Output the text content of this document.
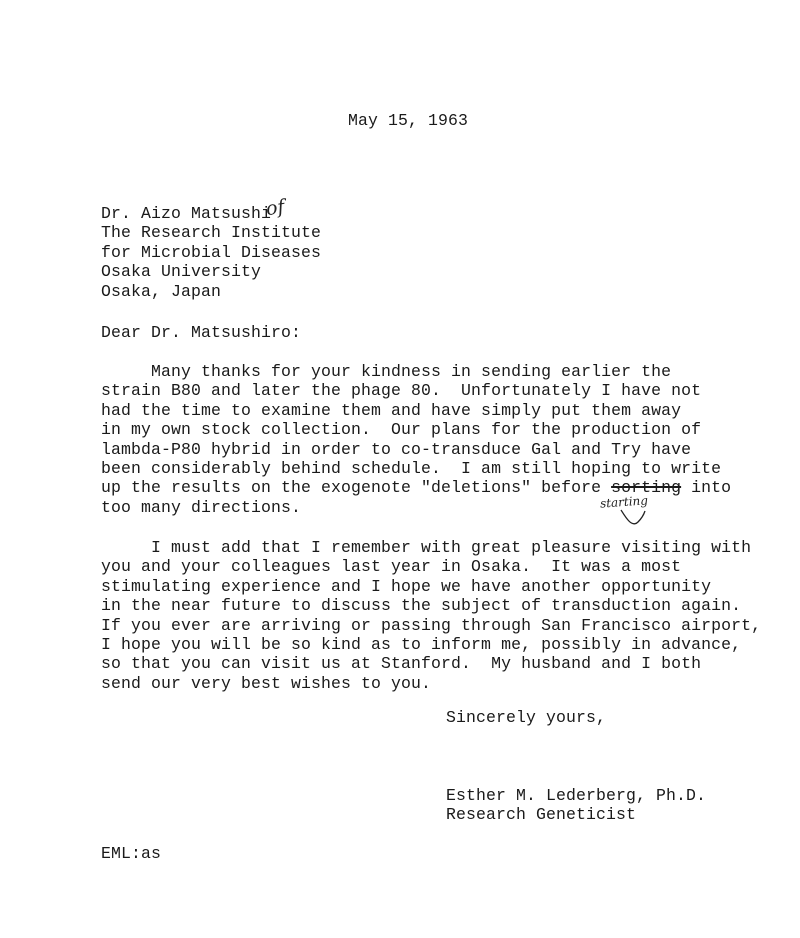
May 15, 1963
Dr. Aizo Matsushi
The Research Institute
for Microbial Diseases
Osaka University
Osaka, Japan
of
Dear Dr. Matsushiro:
Many thanks for your kindness in sending earlier the
strain B80 and later the phage 80.  Unfortunately I have not
had the time to examine them and have simply put them away
in my own stock collection.  Our plans for the production of
lambda-P80 hybrid in order to co-transduce Gal and Try have
been considerably behind schedule.  I am still hoping to write
up the results on the exogenote "deletions" before sorting into
too many directions.	starting
I must add that I remember with great pleasure visiting with
you and your colleagues last year in Osaka.  It was a most
stimulating experience and I hope we have another opportunity
in the near future to discuss the subject of transduction again.
If you ever are arriving or passing through San Francisco airport,
I hope you will be so kind as to inform me, possibly in advance,
so that you can visit us at Stanford.  My husband and I both
send our very best wishes to you.
Sincerely yours,
Esther M. Lederberg, Ph.D.
Research Geneticist
EML:as
